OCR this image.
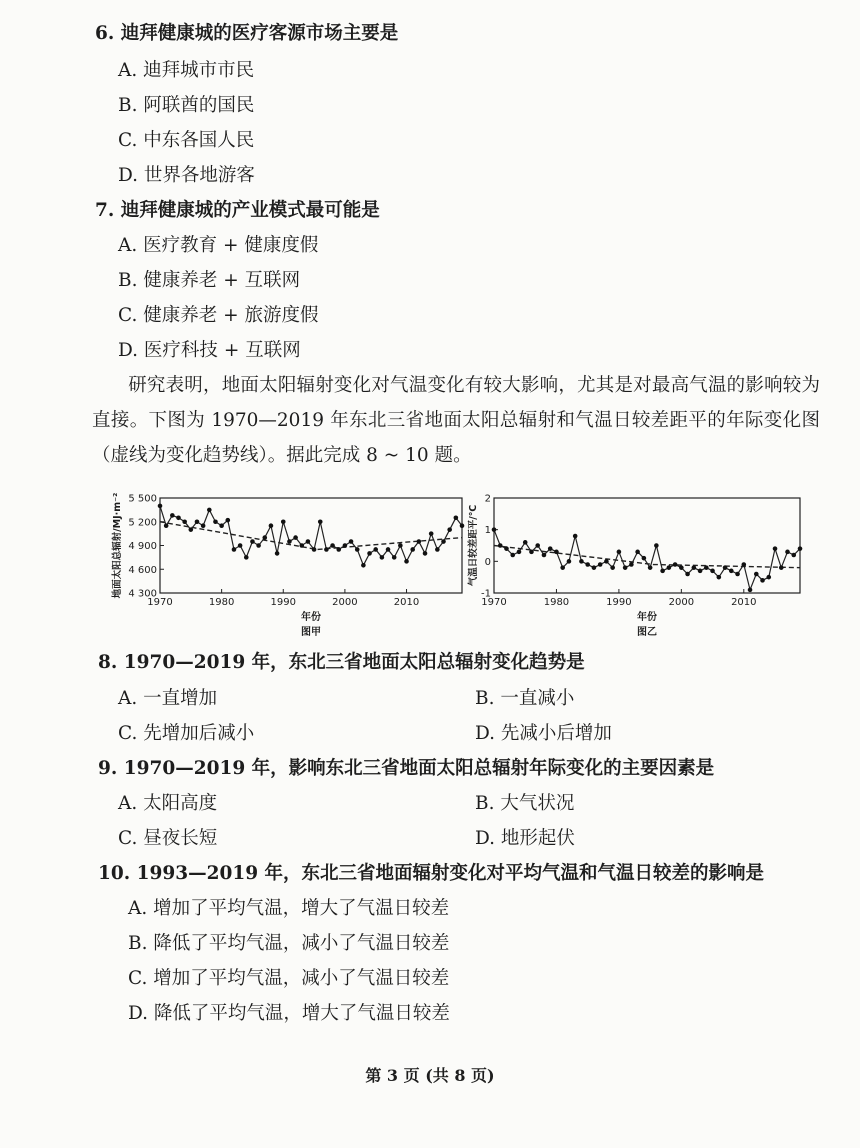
6. 迪拜健康城的医疗客源市场主要是
A. 迪拜城市市民
B. 阿联酋的国民
C. 中东各国人民
D. 世界各地游客
7. 迪拜健康城的产业模式最可能是
A. 医疗教育 + 健康度假
B. 健康养老 + 互联网
C. 健康养老 + 旅游度假
D. 医疗科技 + 互联网
研究表明，地面太阳辐射变化对气温变化有较大影响，尤其是对最高气温的影响较为直接。下图为 1970—2019 年东北三省地面太阳总辐射和气温日较差距平的年际变化图（虚线为变化趋势线）。据此完成 8 ~ 10 题。
4 300
4 600
4 900
5 200
5 500
1970	1980	1990	2000	2010
年份
图甲
地面太阳总辐射/MJ·m⁻²	-1
0
1
2
1970	1980	1990	2000	2010
年份
图乙
气温日较差距平/℃
8. 1970—2019 年，东北三省地面太阳总辐射变化趋势是
A. 一直增加	B. 一直减小
C. 先增加后减小	D. 先减小后增加
9. 1970—2019 年，影响东北三省地面太阳总辐射年际变化的主要因素是
A. 太阳高度	B. 大气状况
C. 昼夜长短	D. 地形起伏
10. 1993—2019 年，东北三省地面辐射变化对平均气温和气温日较差的影响是
A. 增加了平均气温，增大了气温日较差
B. 降低了平均气温，减小了气温日较差
C. 增加了平均气温，减小了气温日较差
D. 降低了平均气温，增大了气温日较差
第 3 页 (共 8 页)
